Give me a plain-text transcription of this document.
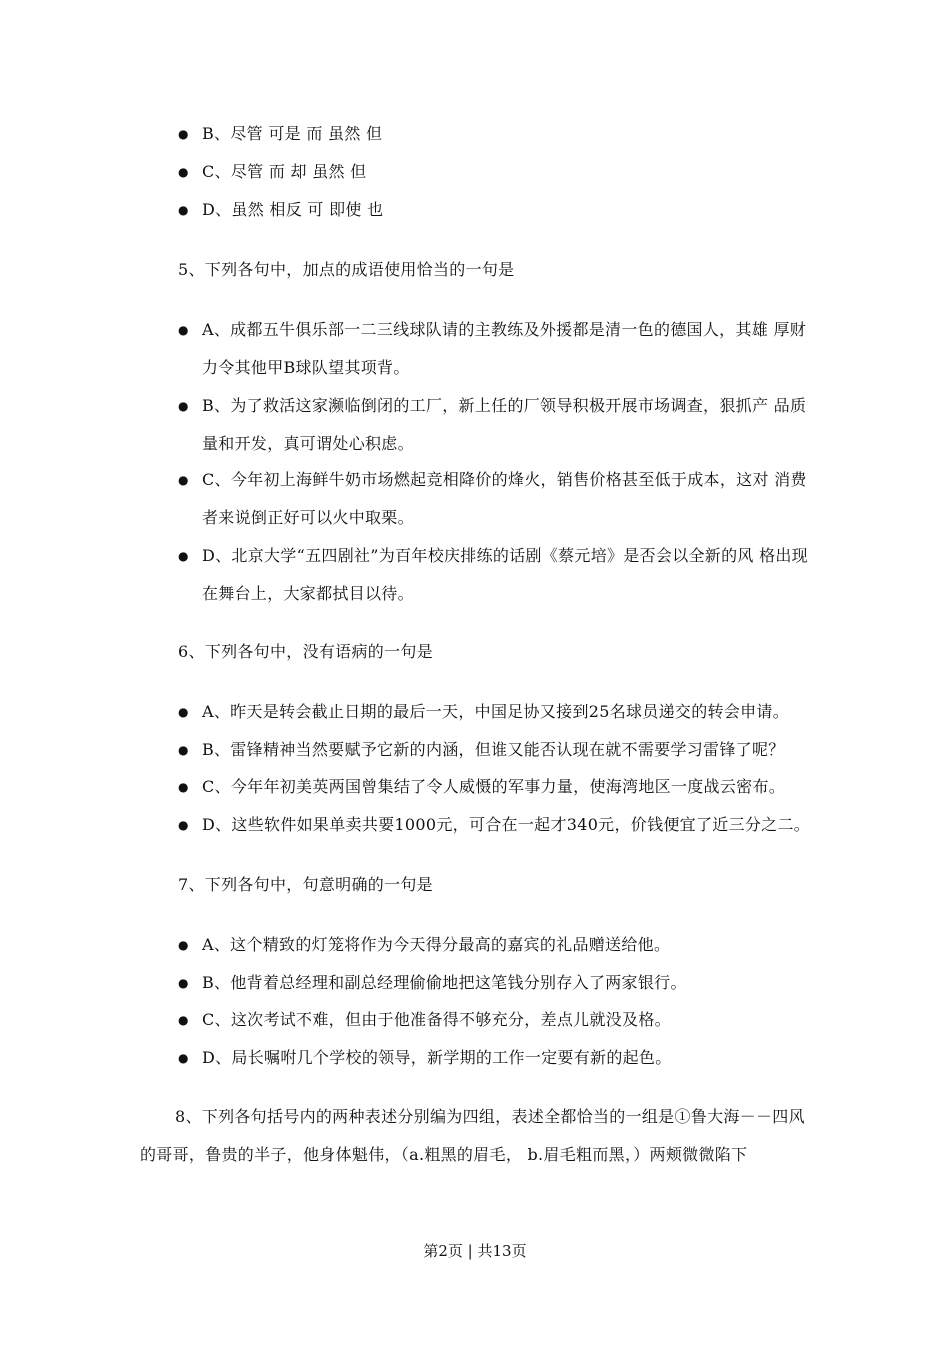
● B、尽管 可是 而 虽然 但
● C、尽管 而 却 虽然 但
● D、虽然 相反 可 即使 也
5、下列各句中，加点的成语使用恰当的一句是
● A、成都五牛俱乐部一二三线球队请的主教练及外援都是清一色的德国人，其雄 厚财力令其他甲B球队望其项背。
● B、为了救活这家濒临倒闭的工厂，新上任的厂领导积极开展市场调查，狠抓产 品质量和开发，真可谓处心积虑。
● C、今年初上海鲜牛奶市场燃起竞相降价的烽火，销售价格甚至低于成本，这对 消费者来说倒正好可以火中取栗。
● D、北京大学“五四剧社”为百年校庆排练的话剧《蔡元培》是否会以全新的风 格出现在舞台上，大家都拭目以待。
6、下列各句中，没有语病的一句是
● A、昨天是转会截止日期的最后一天，中国足协又接到25名球员递交的转会申请。
● B、雷锋精神当然要赋予它新的内涵，但谁又能否认现在就不需要学习雷锋了呢？
● C、今年年初美英两国曾集结了令人威慑的军事力量，使海湾地区一度战云密布。
● D、这些软件如果单卖共要1000元，可合在一起才340元，价钱便宜了近三分之二。
7、下列各句中，句意明确的一句是
● A、这个精致的灯笼将作为今天得分最高的嘉宾的礼品赠送给他。
● B、他背着总经理和副总经理偷偷地把这笔钱分别存入了两家银行。
● C、这次考试不难，但由于他准备得不够充分，差点儿就没及格。
● D、局长嘱咐几个学校的领导，新学期的工作一定要有新的起色。
8、下列各句括号内的两种表述分别编为四组，表述全都恰当的一组是①鲁大海－－四风的哥哥，鲁贵的半子，他身体魁伟，（a.粗黑的眉毛， b.眉毛粗而黑，）两颊微微陷下
第2页 | 共13页
